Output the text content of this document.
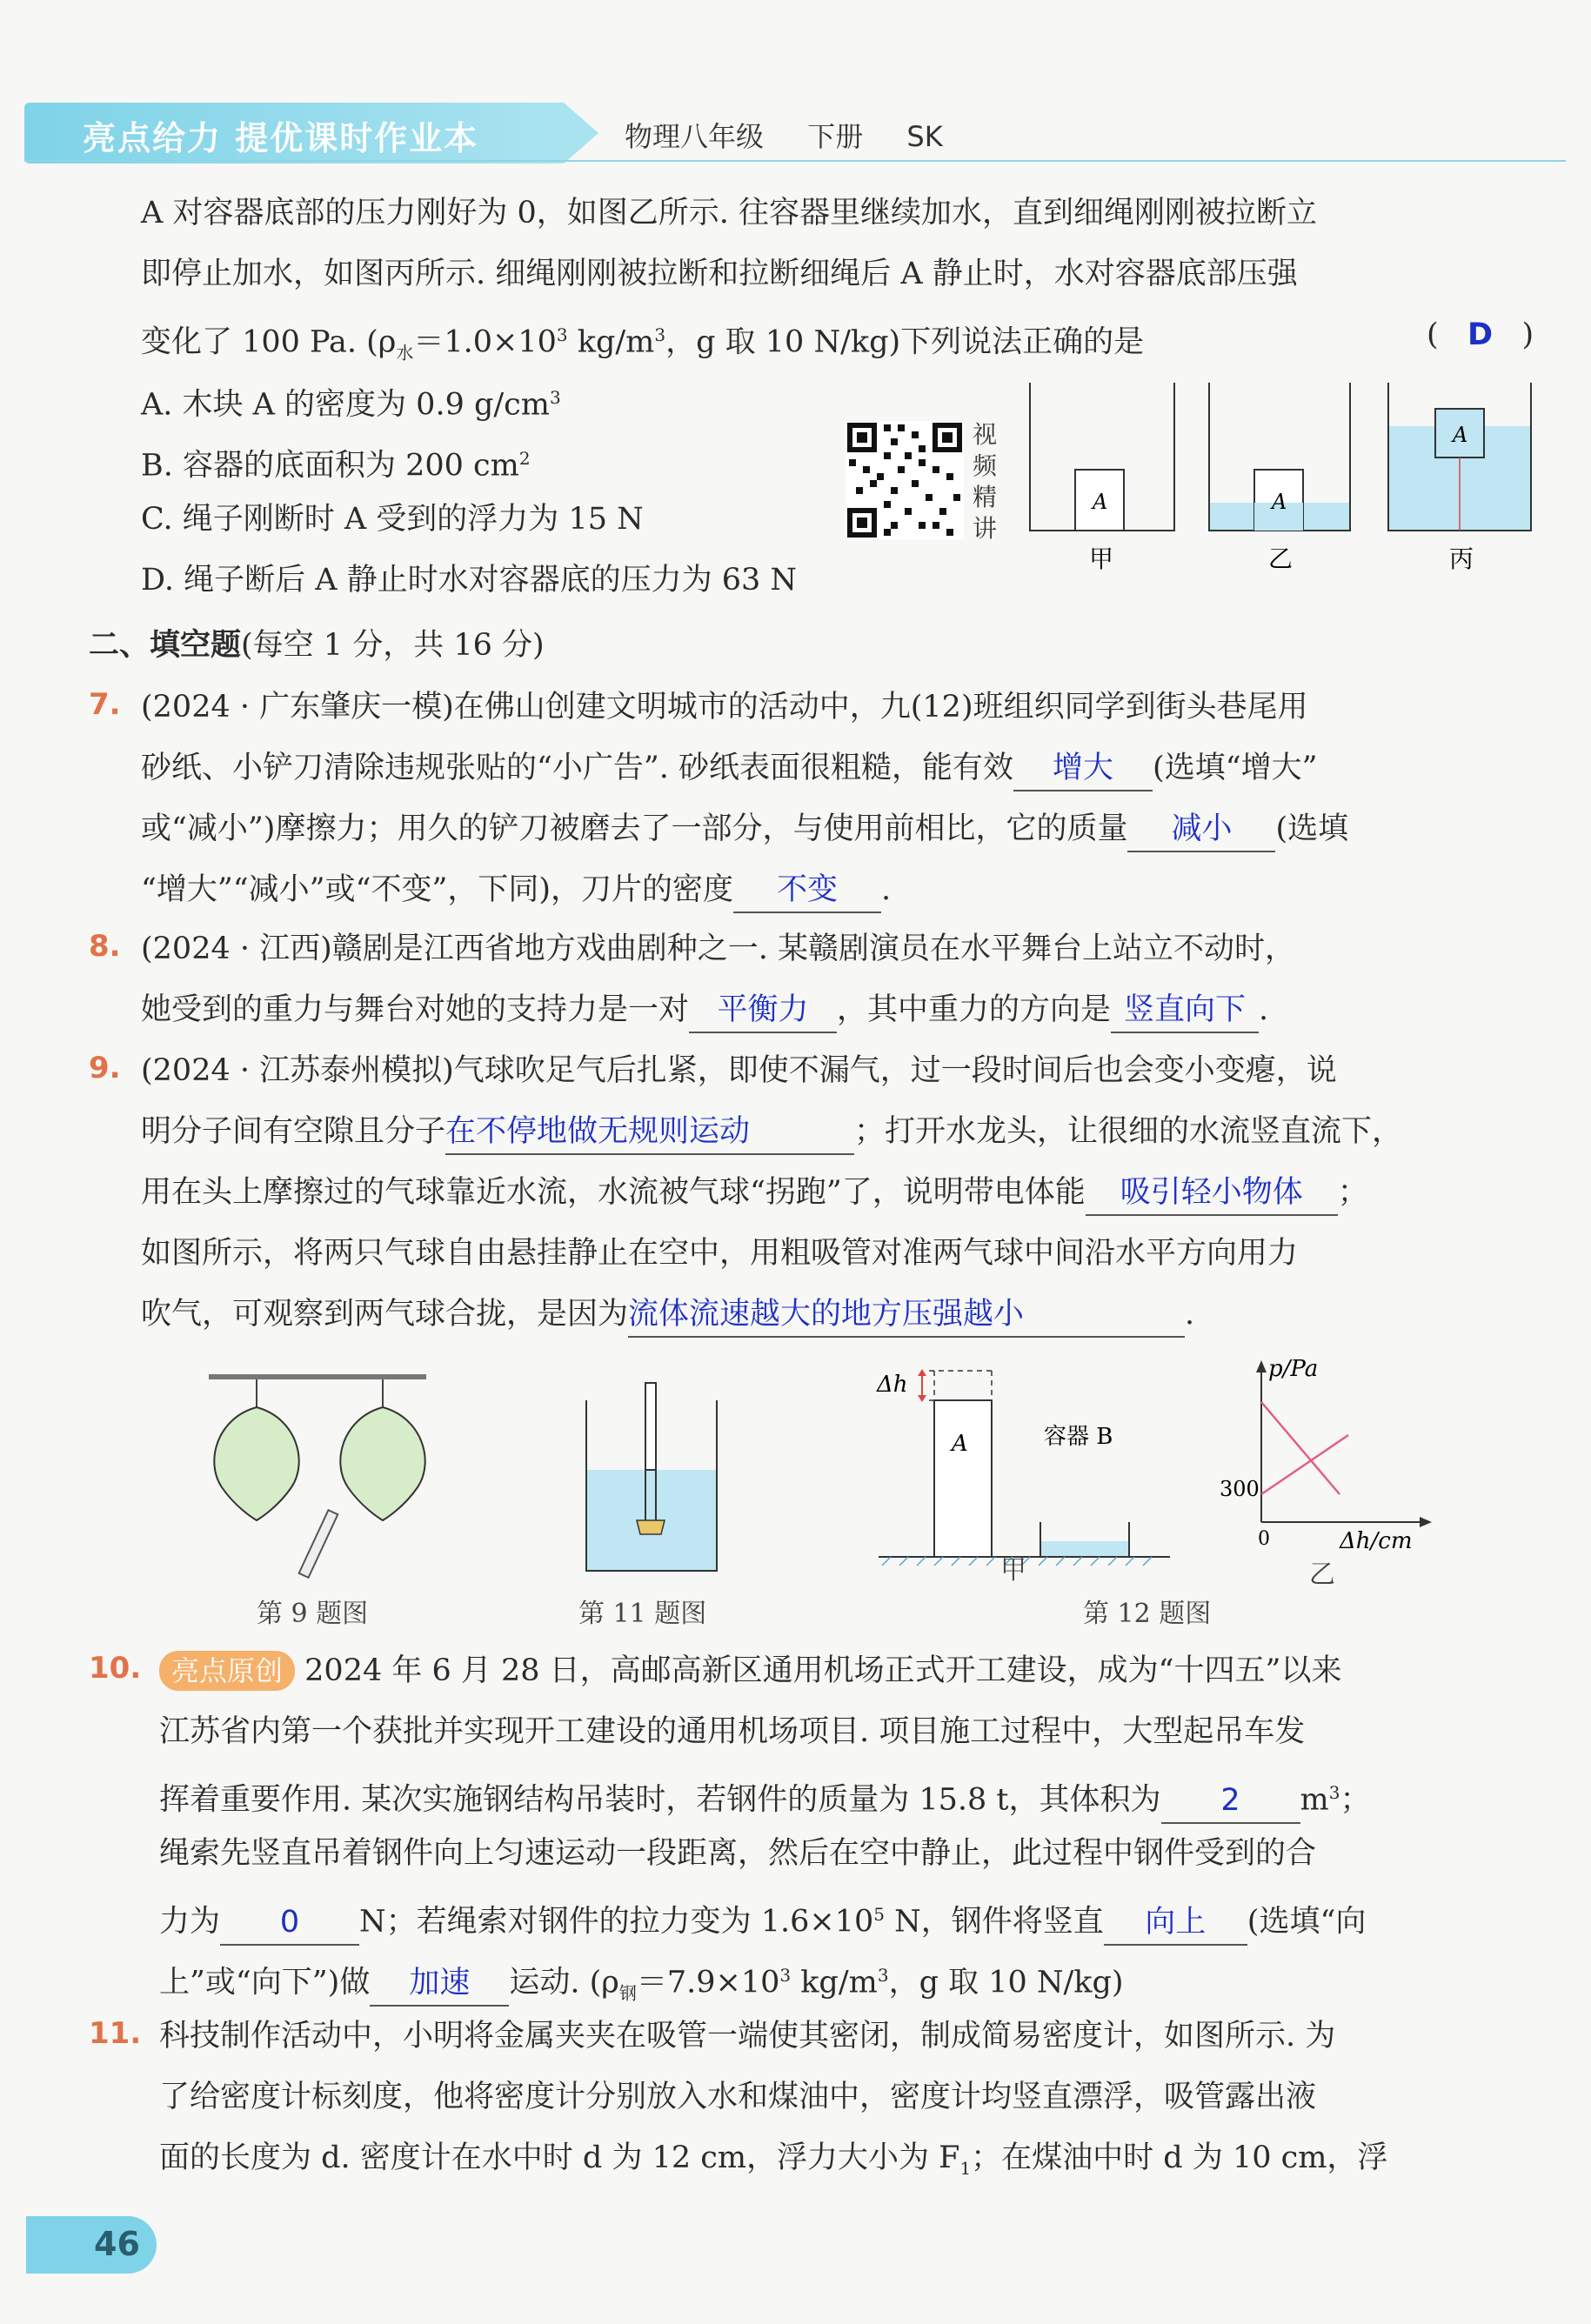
亮点给力 提优课时作业本	物理八年级 下册 SK
A 对容器底部的压力刚好为 0，如图乙所示. 往容器里继续加水，直到细绳刚刚被拉断立
即停止加水，如图丙所示. 细绳刚刚被拉断和拉断细绳后 A 静止时，水对容器底部压强
变化了 100 Pa. ($\rho_水=1.0\times 10^3$ $kg/m^3$，g 取 10 N/kg)下列说法正确的是	( D )
A. 木块 A 的密度为 0.9 $g/cm^3$
B. 容器的底面积为 200 $cm^2$
C. 绳子刚断时 A 受到的浮力为 15 N
D. 绳子断后 A 静止时水对容器底的压力为 63 N
视频精讲
A
甲
A
乙
A
丙
二、填空题(每空 1 分，共 16 分)
7. (2024 · 广东肇庆一模)在佛山创建文明城市的活动中，九(12)班组织同学到街头巷尾用
砂纸、小铲刀清除违规张贴的“小广告”. 砂纸表面很粗糙，能有效 增大 (选填“增大”
或“减小”)摩擦力；用久的铲刀被磨去了一部分，与使用前相比，它的质量 减小 (选填
“增大”“减小”或“不变”，下同)，刀片的密度 不变 .
8. (2024 · 江西)赣剧是江西省地方戏曲剧种之一. 某赣剧演员在水平舞台上站立不动时，
她受到的重力与舞台对她的支持力是一对 平衡力 ，其中重力的方向是 竖直向下 .
9. (2024 · 江苏泰州模拟)气球吹足气后扎紧，即使不漏气，过一段时间后也会变小变瘪，说
明分子间有空隙且分子在不停地做无规则运动	；打开水龙头，让很细的水流竖直流下，
用在头上摩擦过的气球靠近水流，水流被气球“拐跑”了，说明带电体能 吸引轻小物体 ；
如图所示，将两只气球自由悬挂静止在空中，用粗吸管对准两气球中间沿水平方向用力
吹气，可观察到两气球合拢，是因为流体流速越大的地方压强越小	.
第 9 题图	第 11 题图
Δh
A	容器 B
甲
p/Pa
Δh/cm
300
0
乙
第 12 题图
10.	亮点原创 2024 年 6 月 28 日，高邮高新区通用机场正式开工建设，成为“十四五”以来
江苏省内第一个获批并实现开工建设的通用机场项目. 项目施工过程中，大型起吊车发
挥着重要作用. 某次实施钢结构吊装时，若钢件的质量为 15.8 t，其体积为 2 $m^3$；
绳索先竖直吊着钢件向上匀速运动一段距离，然后在空中静止，此过程中钢件受到的合
力为 0 N；若绳索对钢件的拉力变为 $1.6\times 10^5$ N，钢件将竖直 向上 (选填“向
上”或“向下”)做 加速 运动. ($\rho_钢=7.9\times 10^3$ $kg/m^3$，g 取 10 N/kg)
11. 科技制作活动中，小明将金属夹夹在吸管一端使其密闭，制成简易密度计，如图所示. 为
了给密度计标刻度，他将密度计分别放入水和煤油中，密度计均竖直漂浮，吸管露出液
面的长度为 d. 密度计在水中时 d 为 12 cm，浮力大小为 $F_1$；在煤油中时 d 为 10 cm，浮
46
